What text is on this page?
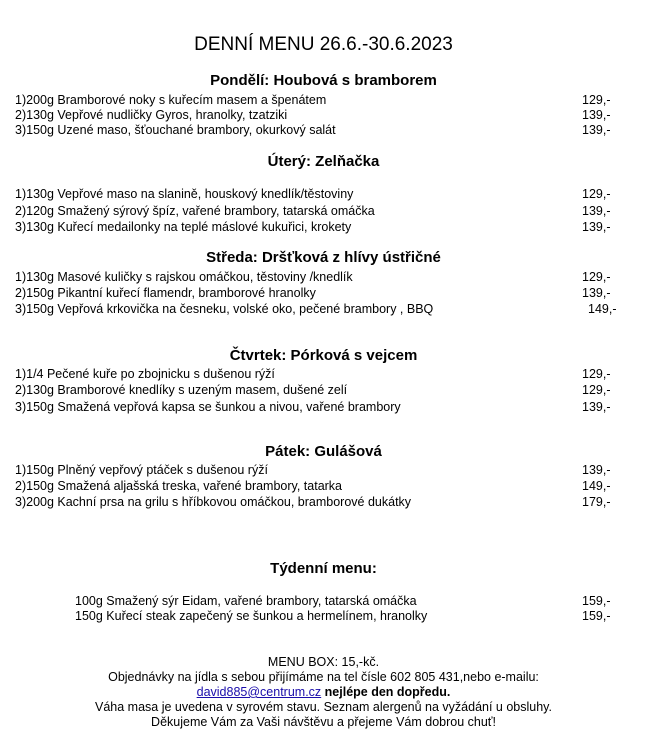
DENNÍ MENU 26.6.-30.6.2023
Pondělí: Houbová s bramborem
1)200g Bramborové noky s kuřecím masem a špenátem	129,-
2)130g Vepřové nudličky Gyros, hranolky, tzatziki	139,-
3)150g Uzené maso, šťouchané brambory, okurkový salát	139,-
Úterý: Zelňačka
1)130g Vepřové maso na slanině, houskový knedlík/těstoviny	129,-
2)120g Smažený sýrový špíz, vařené brambory, tatarská omáčka	139,-
3)130g Kuřecí medailonky na teplé máslové kukuřici, krokety	139,-
Středa: Dršťková z hlívy ústřičné
1)130g Masové kuličky s rajskou omáčkou, těstoviny /knedlík	129,-
2)150g Pikantní kuřecí flamendr, bramborové hranolky	139,-
3)150g Vepřová krkovička na česneku, volské oko, pečené brambory , BBQ	149,-
Čtvrtek: Pórková s vejcem
1)1/4 Pečené kuře po zbojnicku s dušenou rýží	129,-
2)130g Bramborové knedlíky s uzeným masem, dušené zelí	129,-
3)150g Smažená vepřová kapsa se šunkou a nivou, vařené brambory	139,-
Pátek: Gulášová
1)150g Plněný vepřový ptáček s dušenou rýží	139,-
2)150g Smažená aljašská treska, vařené brambory, tatarka	149,-
3)200g Kachní prsa na grilu s hříbkovou omáčkou, bramborové dukátky	179,-
Týdenní menu:
100g Smažený sýr Eidam, vařené brambory, tatarská omáčka	159,-
150g Kuřecí steak zapečený se šunkou a hermelínem, hranolky	159,-
MENU BOX: 15,-kč.
Objednávky na jídla s sebou přijímáme na tel čísle 602 805 431,nebo e-mailu:
david885@centrum.cz nejlépe den dopředu.
Váha masa je uvedena v syrovém stavu. Seznam alergenů na vyžádání u obsluhy.
Děkujeme Vám za Vaši návštěvu a přejeme Vám dobrou chuť!
